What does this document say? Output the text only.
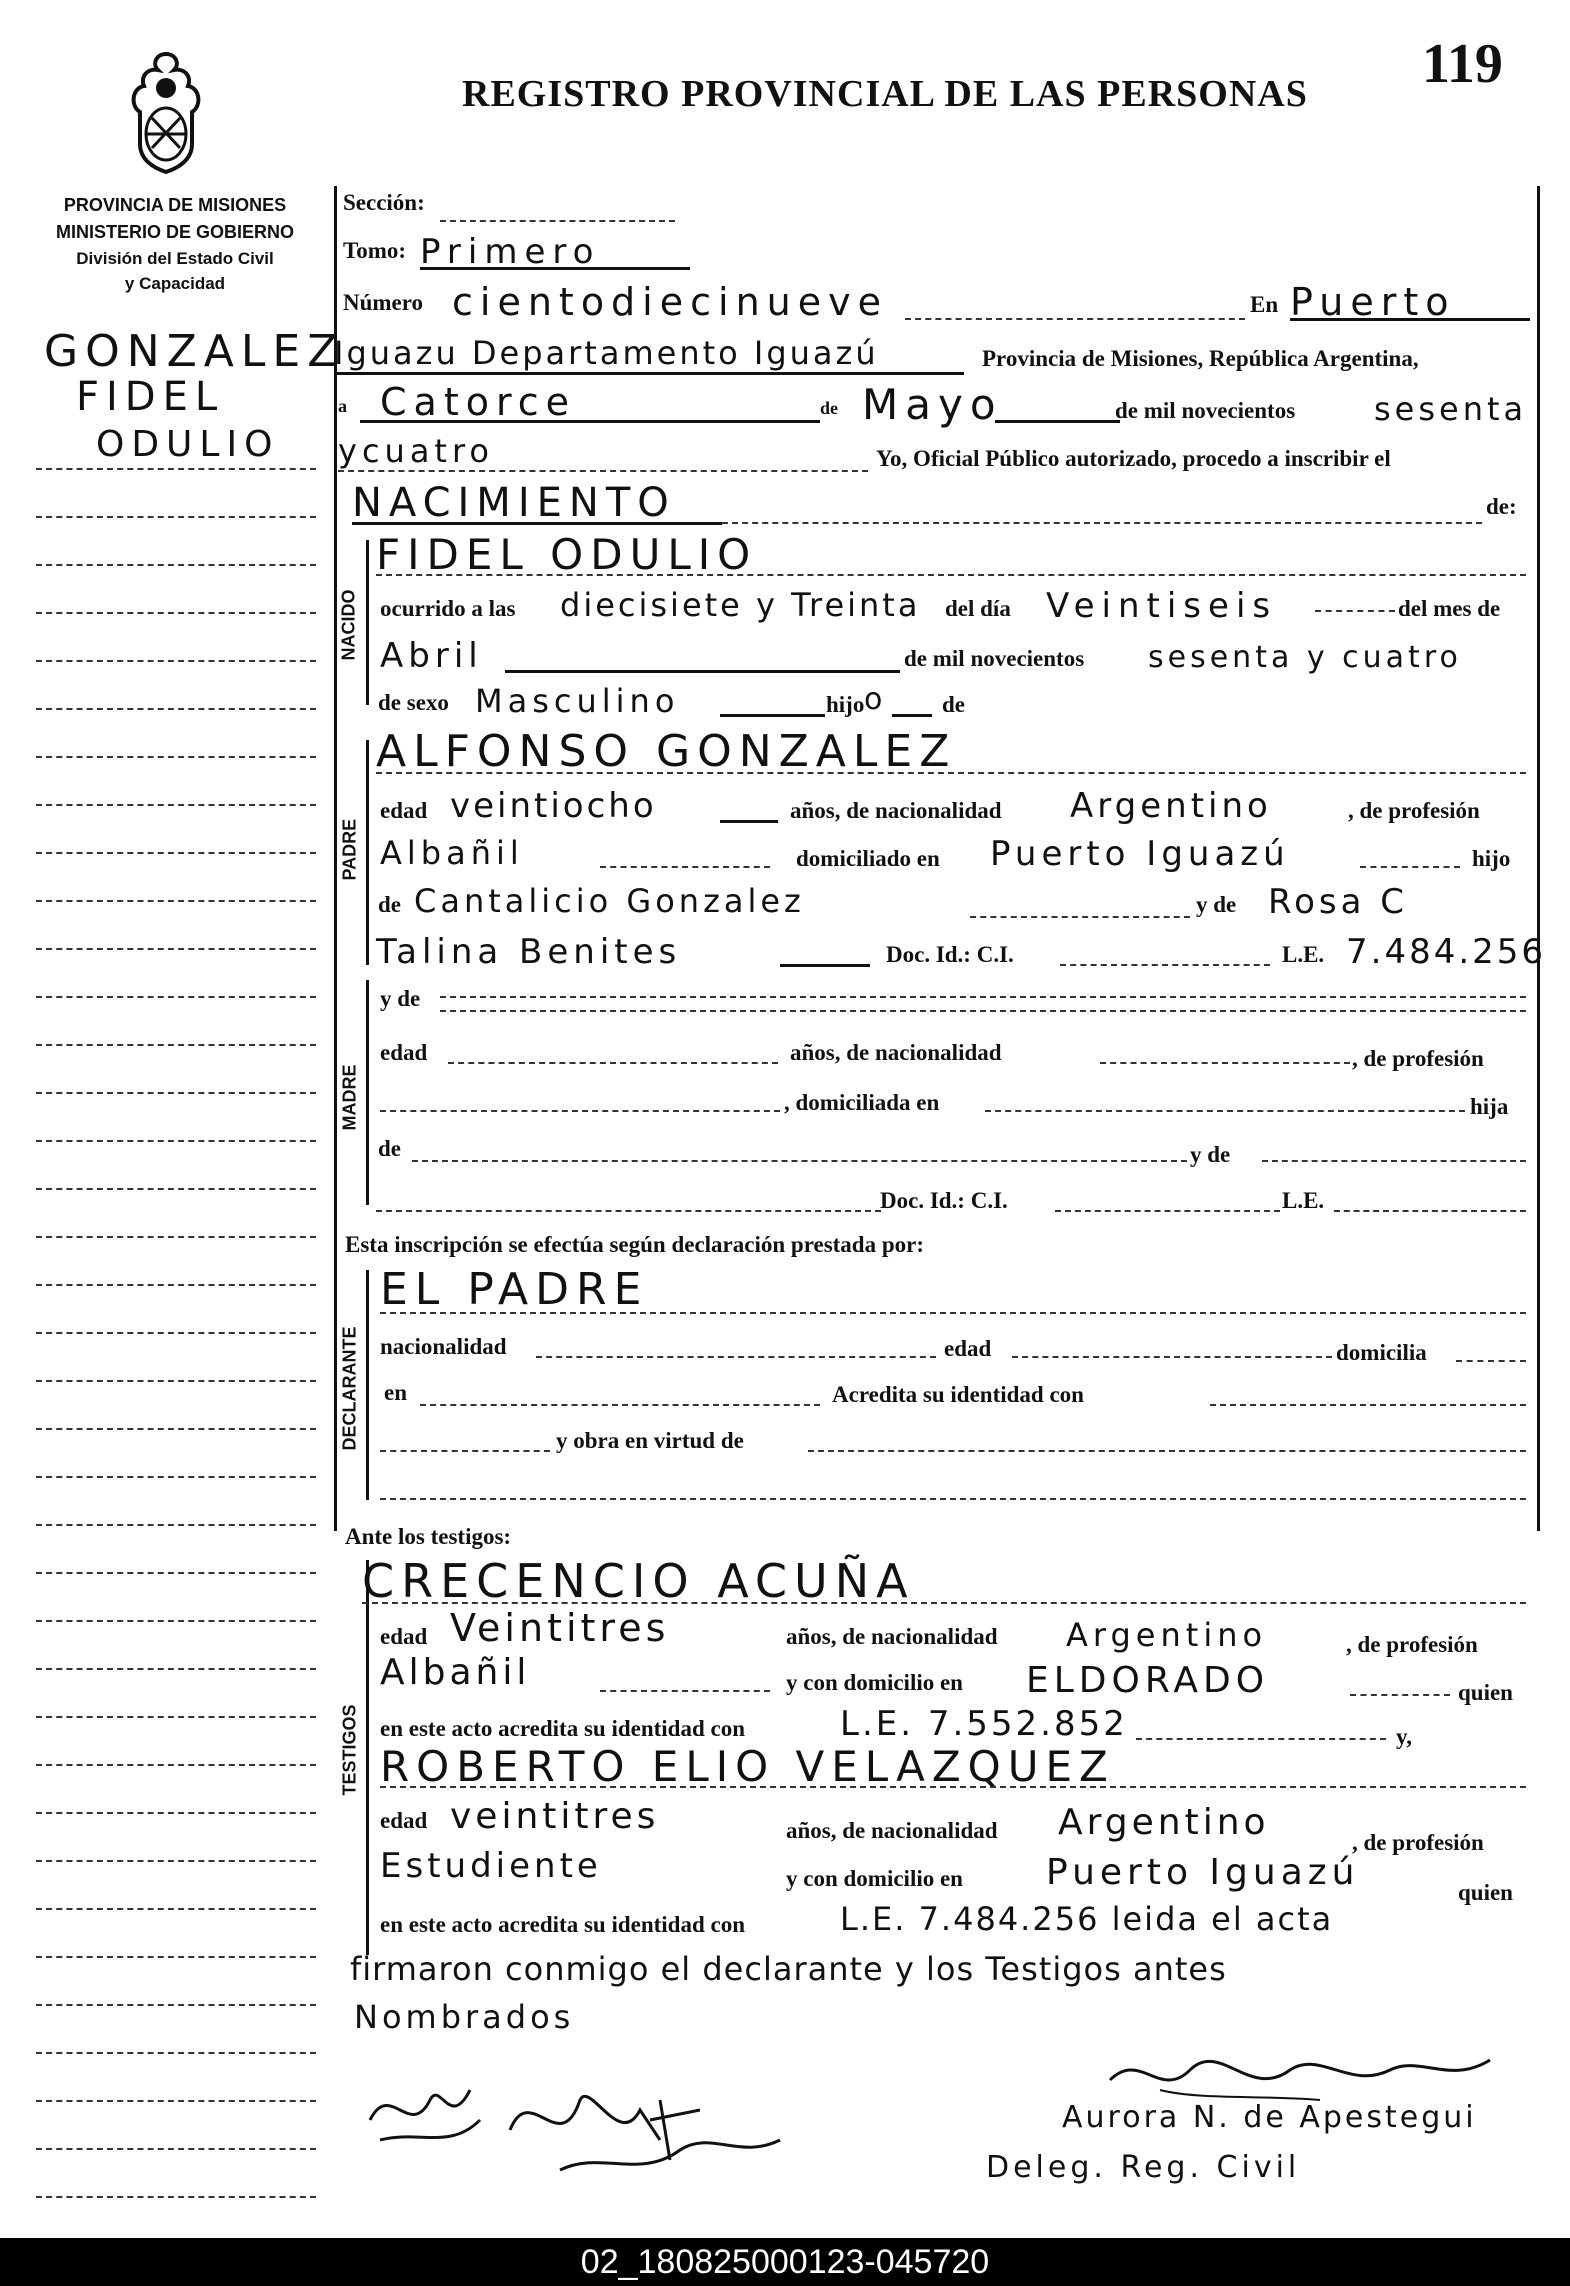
REGISTRO PROVINCIAL DE LAS PERSONAS 119
PROVINCIA DE MISIONES
MINISTERIO DE GOBIERNO
División del Estado Civil
y Capacidad
GONZALEZ
FIDEL
ODULIO
NACIDO
PADRE
MADRE
DECLARANTE
TESTIGOS
Sección:
Tomo: Primero
Número cientodiecinueve	En Puerto
Iguazu Departamento Iguazú	Provincia de Misiones, República Argentina,
a Catorce	de Mayo	de mil novecientos sesenta
ycuatro	Yo, Oficial Público autorizado, procedo a inscribir el
NACIMIENTO	de:
FIDEL ODULIO
ocurrido a las diecisiete y Treinta del día Veintiseis	del mes de
Abril	de mil novecientos sesenta y cuatro
de sexo Masculino	hijo o de
ALFONSO GONZALEZ
edad veintiocho	años, de nacionalidad Argentino	, de profesión
Albañil	domiciliado en Puerto Iguazú	hijo
de Cantalicio Gonzalez	y de Rosa C
Talina Benites	Doc. Id.: C.I.	L.E. 7.484.256
y de
edad	años, de nacionalidad	, de profesión
, domiciliada en	hija
de	y de
Doc. Id.: C.I.	L.E.
Esta inscripción se efectúa según declaración prestada por:
EL PADRE
nacionalidad	edad	domicilia
en	Acredita su identidad con
y obra en virtud de
Ante los testigos:
CRECENCIO ACUÑA
edad Veintitres	años, de nacionalidad Argentino	, de profesión
Albañil	y con domicilio en ELDORADO	quien
en este acto acredita su identidad con	L.E. 7.552.852	y,
ROBERTO ELIO VELAZQUEZ
edad veintitres	años, de nacionalidad Argentino	, de profesión
Estudiente	y con domicilio en Puerto Iguazú	quien
en este acto acredita su identidad con	L.E. 7.484.256 leida el acta
firmaron conmigo el declarante y los Testigos antes
Nombrados
Aurora N. de Apestegui
Deleg. Reg. Civil
02_180825000123-045720
